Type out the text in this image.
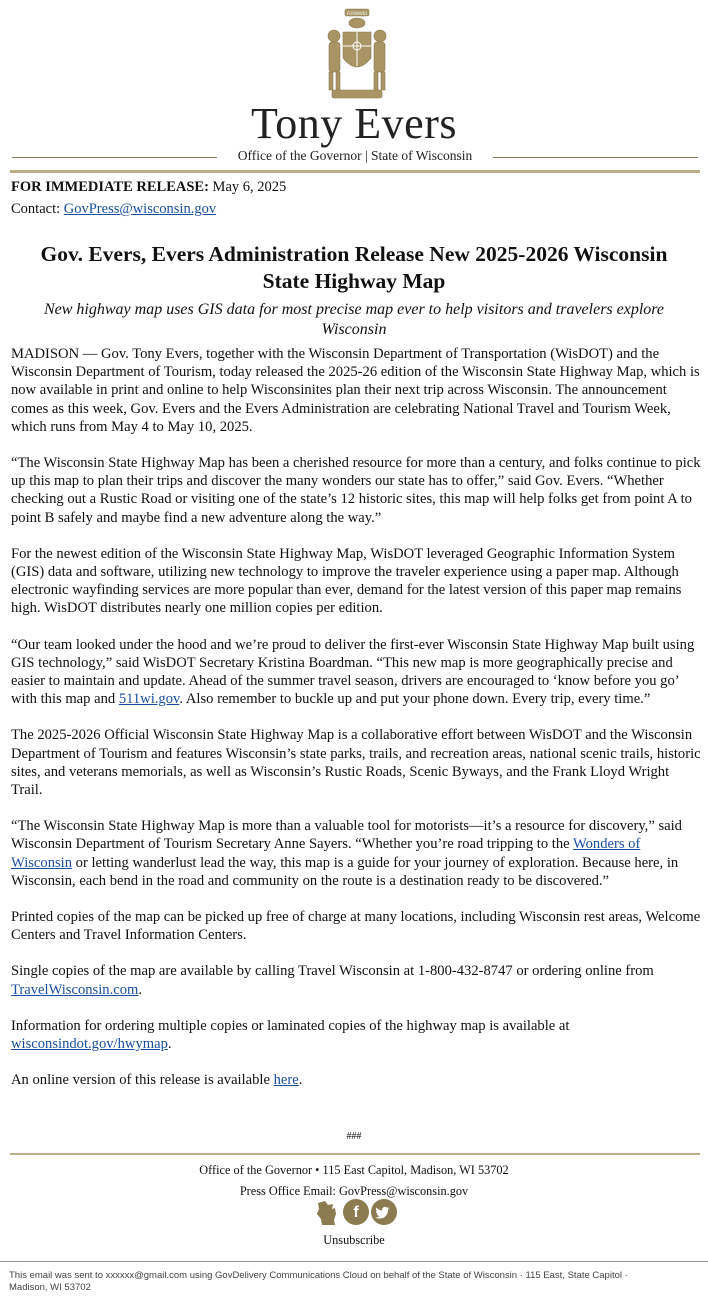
FORWARD
Tony Evers
Office of the Governor | State of Wisconsin
FOR IMMEDIATE RELEASE: May 6, 2025
Contact: GovPress@wisconsin.gov
Gov. Evers, Evers Administration Release New 2025-2026 Wisconsin State Highway Map
New highway map uses GIS data for most precise map ever to help visitors and travelers explore Wisconsin

MADISON — Gov. Tony Evers, together with the Wisconsin Department of Transportation (WisDOT) and the Wisconsin Department of Tourism, today released the 2025-26 edition of the Wisconsin State Highway Map, which is now available in print and online to help Wisconsinites plan their next trip across Wisconsin. The announcement comes as this week, Gov. Evers and the Evers Administration are celebrating National Travel and Tourism Week, which runs from May 4 to May 10, 2025.

“The Wisconsin State Highway Map has been a cherished resource for more than a century, and folks continue to pick up this map to plan their trips and discover the many wonders our state has to offer,” said Gov. Evers. “Whether checking out a Rustic Road or visiting one of the state’s 12 historic sites, this map will help folks get from point A to point B safely and maybe find a new adventure along the way.”

For the newest edition of the Wisconsin State Highway Map, WisDOT leveraged Geographic Information System (GIS) data and software, utilizing new technology to improve the traveler experience using a paper map. Although electronic wayfinding services are more popular than ever, demand for the latest version of this paper map remains high. WisDOT distributes nearly one million copies per edition.

“Our team looked under the hood and we’re proud to deliver the first-ever Wisconsin State Highway Map built using GIS technology,” said WisDOT Secretary Kristina Boardman. “This new map is more geographically precise and easier to maintain and update. Ahead of the summer travel season, drivers are encouraged to ‘know before you go’ with this map and 511wi.gov. Also remember to buckle up and put your phone down. Every trip, every time.”

The 2025-2026 Official Wisconsin State Highway Map is a collaborative effort between WisDOT and the Wisconsin Department of Tourism and features Wisconsin’s state parks, trails, and recreation areas, national scenic trails, historic sites, and veterans memorials, as well as Wisconsin’s Rustic Roads, Scenic Byways, and the Frank Lloyd Wright Trail.

“The Wisconsin State Highway Map is more than a valuable tool for motorists—it’s a resource for discovery,” said Wisconsin Department of Tourism Secretary Anne Sayers. “Whether you’re road tripping to the Wonders of Wisconsin or letting wanderlust lead the way, this map is a guide for your journey of exploration. Because here, in Wisconsin, each bend in the road and community on the route is a destination ready to be discovered.”

Printed copies of the map can be picked up free of charge at many locations, including Wisconsin rest areas, Welcome Centers and Travel Information Centers.

Single copies of the map are available by calling Travel Wisconsin at 1-800-432-8747 or ordering online from TravelWisconsin.com.

Information for ordering multiple copies or laminated copies of the highway map is available at wisconsindot.gov/hwymap.

An online version of this release is available here.

###
Office of the Governor • 115 East Capitol, Madison, WI 53702
Press Office Email: GovPress@wisconsin.gov
f
Unsubscribe
This email was sent to xxxxxx@gmail.com using GovDelivery Communications Cloud on behalf of the State of Wisconsin · 115 East, State Capitol · Madison, WI 53702
